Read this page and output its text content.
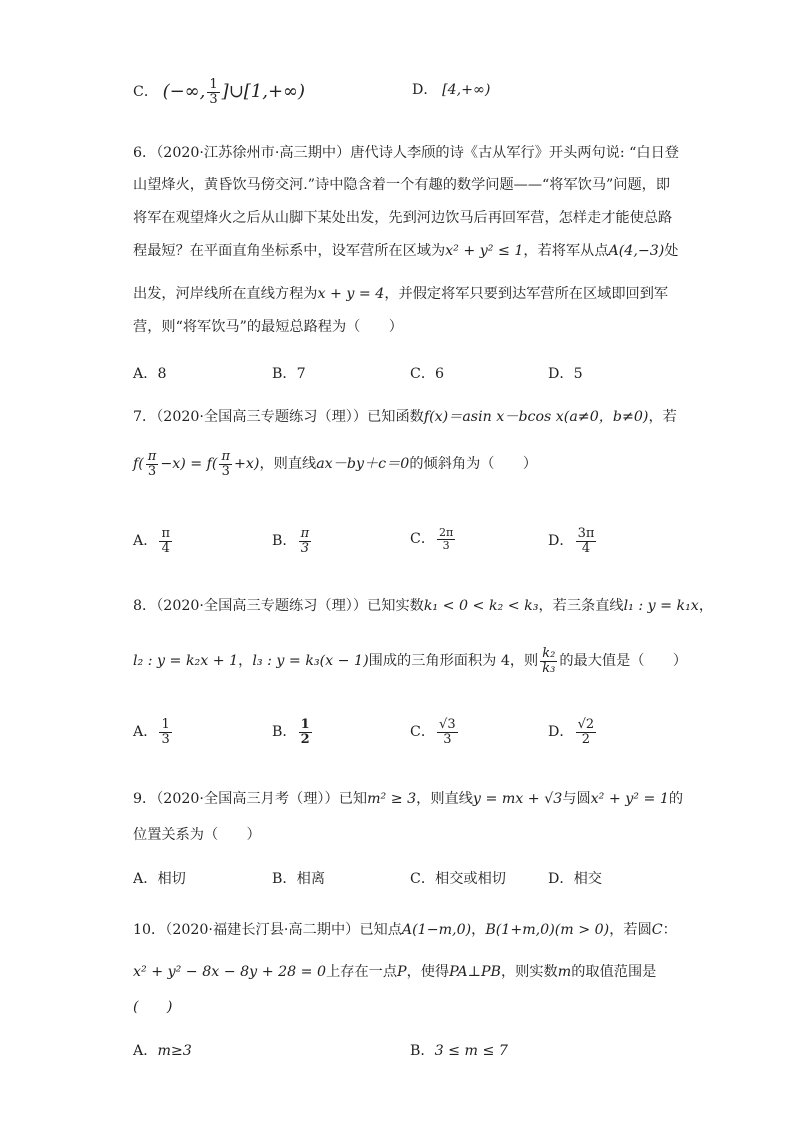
C． (−∞, $\frac{1}{3}$ ]∪[1,+∞)	D． [4,+∞)
6．（2020·江苏徐州市·高三期中）唐代诗人李颀的诗《古从军行》开头两句说: “白日登
山望烽火，黄昏饮马傍交河.”诗中隐含着一个有趣的数学问题——“将军饮马”问题，即
将军在观望烽火之后从山脚下某处出发，先到河边饮马后再回军营，怎样走才能使总路
程最短？在平面直角坐标系中，设军营所在区域为x² + y² ≤ 1，若将军从点A(4,−3)处
出发，河岸线所在直线方程为x + y = 4，并假定将军只要到达军营所在区域即回到军
营，则“将军饮马”的最短总路程为（　　）
A．8	B．7	C．6	D．5
7．（2020·全国高三专题练习（理））已知函数f(x)＝asin x－bcos x(a≠0，b≠0)，若
$f( \frac{\pi}{3} -x) = f( \frac{\pi}{3} +x)$，则直线ax－by＋c＝0的倾斜角为（　　）
A． $\frac{\pi}{4}$	B． $\frac{\pi}{3}$	C． $\frac{2\pi}{3}$	D． $\frac{3\pi}{4}$
8．（2020·全国高三专题练习（理））已知实数k₁ < 0 < k₂ < k₃，若三条直线l₁ : y = k₁x，
l₂ : y = k₂x + 1，l₃ : y = k₃(x − 1)围成的三角形面积为 4，则 $\frac{\text{k₂}}{\text{k₃}}$ 的最大值是（　　）
A． $\frac{1}{3}$	B． $\frac{1}{2}$	C． $\frac{√3}{3}$	D． $\frac{√2}{2}$
9．（2020·全国高三月考（理））已知m² ≥ 3，则直线y = mx + √3与圆x² + y² = 1的
位置关系为（　　）
A．相切	B．相离	C．相交或相切	D．相交
10．（2020·福建长汀县·高二期中）已知点A(1−m,0)，B(1+m,0)(m > 0)，若圆C：
x² + y² − 8x − 8y + 28 = 0上存在一点P，使得PA⊥PB，则实数m的取值范围是
(　　)
A．m≥3	B．3 ≤ m ≤ 7
